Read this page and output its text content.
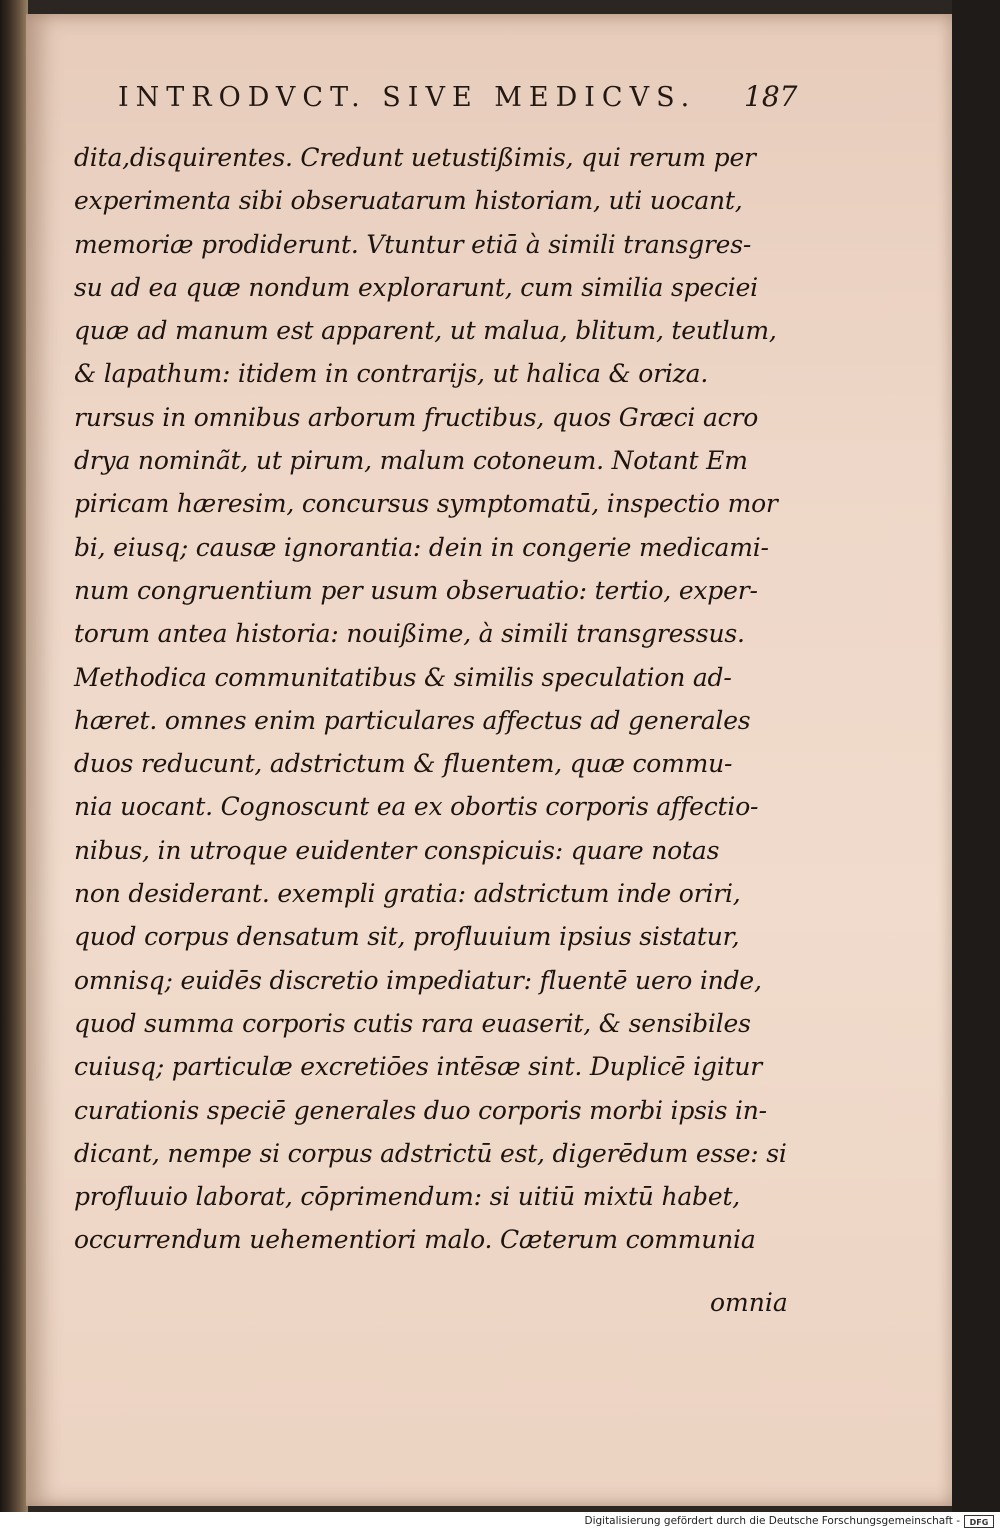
INTRODVCT. SIVE MEDICVS.	187
dita,disquirentes. Credunt uetustißimis, qui rerum per
experimenta sibi obseruatarum historiam, uti uocant,
memoriæ prodiderunt. Vtuntur etiā à simili transgres-
su ad ea quæ nondum explorarunt, cum similia speciei
quæ ad manum est apparent, ut malua, blitum, teutlum,
& lapathum: itidem in contrarijs, ut halica & oriza.
rursus in omnibus arborum fructibus, quos Græci acro
drya nominãt, ut pirum, malum cotoneum. Notant Em
piricam hæresim, concursus symptomatū, inspectio mor
bi, eiusq; causæ ignorantia: dein in congerie medicami-
num congruentium per usum obseruatio: tertio, exper-
torum antea historia: nouißime, à simili transgressus.
Methodica communitatibus & similis speculation ad-
hæret. omnes enim particulares affectus ad generales
duos reducunt, adstrictum & fluentem, quæ commu-
nia uocant. Cognoscunt ea ex obortis corporis affectio-
nibus, in utroque euidenter conspicuis: quare notas
non desiderant. exempli gratia: adstrictum inde oriri,
quod corpus densatum sit, profluuium ipsius sistatur,
omnisq; euidēs discretio impediatur: fluentē uero inde,
quod summa corporis cutis rara euaserit, & sensibiles
cuiusq; particulæ excretiōes intēsæ sint. Duplicē igitur
curationis speciē generales duo corporis morbi ipsis in-
dicant, nempe si corpus adstrictū est, digerēdum esse: si
profluuio laborat, cōprimendum: si uitiū mixtū habet,
occurrendum uehementiori malo. Cæterum communia
omnia
Digitalisierung gefördert durch die Deutsche Forschungsgemeinschaft -	DFG
